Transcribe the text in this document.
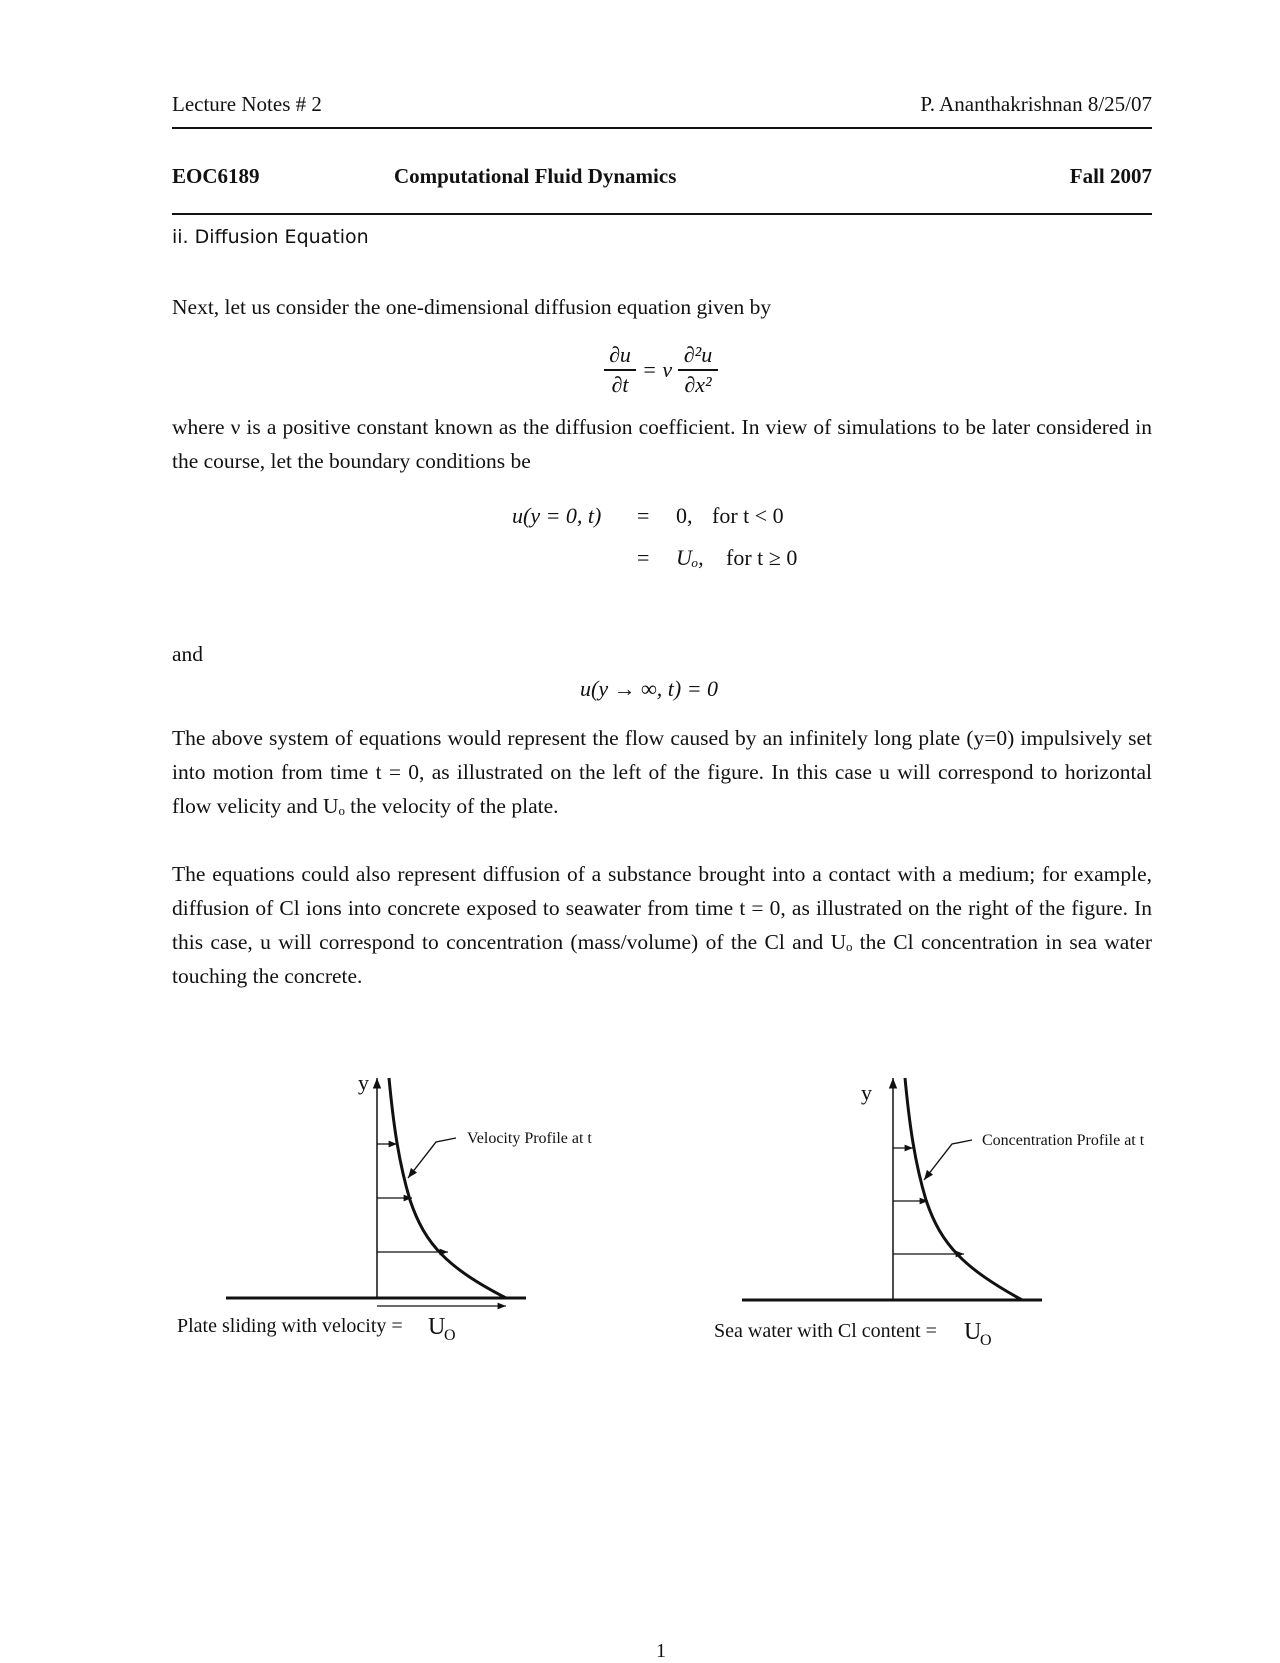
Lecture Notes # 2	P. Ananthakrishnan 8/25/07
EOC6189	Computational Fluid Dynamics	Fall 2007
ii. Diffusion Equation

Next, let us consider the one-dimensional diffusion equation given by

∂u
∂t
= ν
∂²u
∂x²

where ν is a positive constant known as the diffusion coefficient. In view of simulations to be later considered in the course, let the boundary conditions be

u(y = 0, t) = 0, for t < 0
= Uₒ, for t ≥ 0
and
u(y → ∞, t) = 0

The above system of equations would represent the flow caused by an infinitely long plate (y=0) impulsively set into motion from time t = 0, as illustrated on the left of the figure. In this case u will correspond to horizontal flow velicity and Uₒ the velocity of the plate.

The equations could also represent diffusion of a substance brought into a contact with a medium; for example, diffusion of Cl ions into concrete exposed to seawater from time t = 0, as illustrated on the right of the figure. In this case, u will correspond to concentration (mass/volume) of the Cl and Uₒ the Cl concentration in sea water touching the concrete.

y
Velocity Profile at t
Plate sliding with velocity = U
O
y
Concentration Profile at t
Sea water with Cl content = U
O
1
